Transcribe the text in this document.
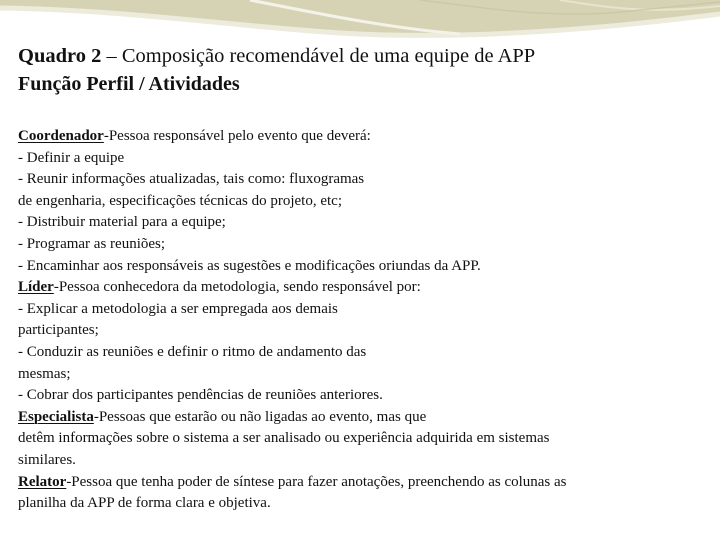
Quadro 2 – Composição recomendável de uma equipe de APP
Função Perfil / Atividades
Coordenador-Pessoa responsável pelo evento que deverá:
- Definir a equipe
- Reunir informações atualizadas, tais como: fluxogramas
de engenharia, especificações técnicas do projeto, etc;
- Distribuir material para a equipe;
- Programar as reuniões;
- Encaminhar aos responsáveis as sugestões e modificações oriundas da APP.
Líder-Pessoa conhecedora da metodologia, sendo responsável por:
- Explicar a metodologia a ser empregada aos demais
participantes;
- Conduzir as reuniões e definir o ritmo de andamento das
mesmas;
- Cobrar dos participantes pendências de reuniões anteriores.
Especialista-Pessoas que estarão ou não ligadas ao evento, mas que
detêm informações sobre o sistema a ser analisado ou experiência adquirida em sistemas
similares.
Relator-Pessoa que tenha poder de síntese para fazer anotações, preenchendo as colunas as
planilha da APP de forma clara e objetiva.
